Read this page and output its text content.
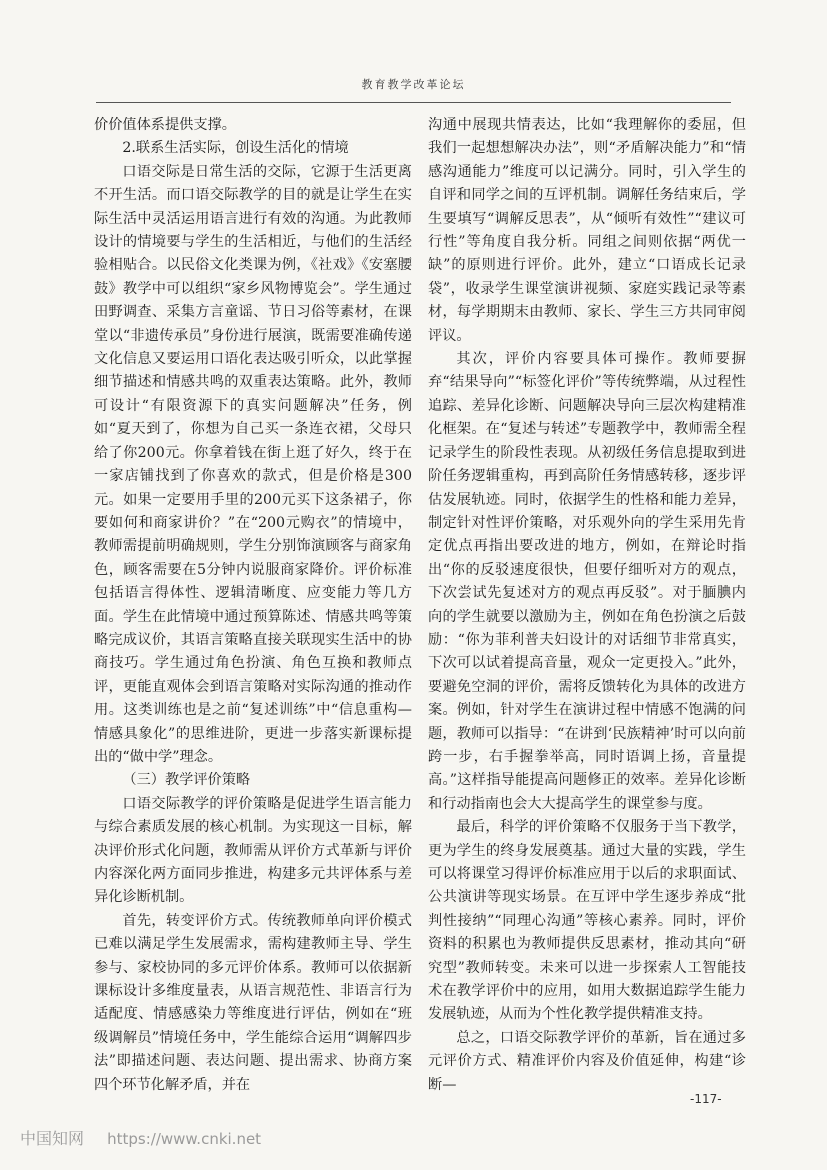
教育教学改革论坛

价价值体系提供支撑。

2.联系生活实际，创设生活化的情境

口语交际是日常生活的交际，它源于生活更离不开生活。而口语交际教学的目的就是让学生在实际生活中灵活运用语言进行有效的沟通。为此教师设计的情境要与学生的生活相近，与他们的生活经验相贴合。以民俗文化类课为例，《社戏》《安塞腰鼓》教学中可以组织“家乡风物博览会”。学生通过田野调查、采集方言童谣、节日习俗等素材，在课堂以“非遗传承员”身份进行展演，既需要准确传递文化信息又要运用口语化表达吸引听众，以此掌握细节描述和情感共鸣的双重表达策略。此外，教师可设计“有限资源下的真实问题解决”任务，例如“夏天到了，你想为自己买一条连衣裙，父母只给了你200元。你拿着钱在街上逛了好久，终于在一家店铺找到了你喜欢的款式，但是价格是300元。如果一定要用手里的200元买下这条裙子，你要如何和商家讲价？”在“200元购衣”的情境中，教师需提前明确规则，学生分别饰演顾客与商家角色，顾客需要在5分钟内说服商家降价。评价标准包括语言得体性、逻辑清晰度、应变能力等几方面。学生在此情境中通过预算陈述、情感共鸣等策略完成议价，其语言策略直接关联现实生活中的协商技巧。学生通过角色扮演、角色互换和教师点评，更能直观体会到语言策略对实际沟通的推动作用。这类训练也是之前“复述训练”中“信息重构—情感具象化”的思维进阶，更进一步落实新课标提出的“做中学”理念。

（三）教学评价策略

口语交际教学的评价策略是促进学生语言能力与综合素质发展的核心机制。为实现这一目标，解决评价形式化问题，教师需从评价方式革新与评价内容深化两方面同步推进，构建多元共评体系与差异化诊断机制。

首先，转变评价方式。传统教师单向评价模式已难以满足学生发展需求，需构建教师主导、学生参与、家校协同的多元评价体系。教师可以依据新课标设计多维度量表，从语言规范性、非语言行为适配度、情感感染力等维度进行评估，例如在“班级调解员”情境任务中，学生能综合运用“调解四步法”即描述问题、表达问题、提出需求、协商方案四个环节化解矛盾，并在

沟通中展现共情表达，比如“我理解你的委屈，但我们一起想想解决办法”，则“矛盾解决能力”和“情感沟通能力”维度可以记满分。同时，引入学生的自评和同学之间的互评机制。调解任务结束后，学生要填写“调解反思表”，从“倾听有效性”“建议可行性”等角度自我分析。同组之间则依据“两优一缺”的原则进行评价。此外，建立“口语成长记录袋”，收录学生课堂演讲视频、家庭实践记录等素材，每学期期末由教师、家长、学生三方共同审阅评议。

其次，评价内容要具体可操作。教师要摒弃“结果导向”“标签化评价”等传统弊端，从过程性追踪、差异化诊断、问题解决导向三层次构建精准化框架。在“复述与转述”专题教学中，教师需全程记录学生的阶段性表现。从初级任务信息提取到进阶任务逻辑重构，再到高阶任务情感转移，逐步评估发展轨迹。同时，依据学生的性格和能力差异，制定针对性评价策略，对乐观外向的学生采用先肯定优点再指出要改进的地方，例如，在辩论时指出“你的反驳速度很快，但要仔细听对方的观点，下次尝试先复述对方的观点再反驳”。对于腼腆内向的学生就要以激励为主，例如在角色扮演之后鼓励：“你为菲利普夫妇设计的对话细节非常真实，下次可以试着提高音量，观众一定更投入。”此外，要避免空洞的评价，需将反馈转化为具体的改进方案。例如，针对学生在演讲过程中情感不饱满的问题，教师可以指导：“在讲到‘民族精神’时可以向前跨一步，右手握拳举高，同时语调上扬，音量提高。”这样指导能提高问题修正的效率。差异化诊断和行动指南也会大大提高学生的课堂参与度。

最后，科学的评价策略不仅服务于当下教学，更为学生的终身发展奠基。通过大量的实践，学生可以将课堂习得评价标准应用于以后的求职面试、公共演讲等现实场景。在互评中学生逐步养成“批判性接纳”“同理心沟通”等核心素养。同时，评价资料的积累也为教师提供反思素材，推动其向“研究型”教师转变。未来可以进一步探索人工智能技术在教学评价中的应用，如用大数据追踪学生能力发展轨迹，从而为个性化教学提供精准支持。

总之，口语交际教学评价的革新，旨在通过多元评价方式、精准评价内容及价值延伸，构建“诊断—

-117-
中国知网 https://www.cnki.net
